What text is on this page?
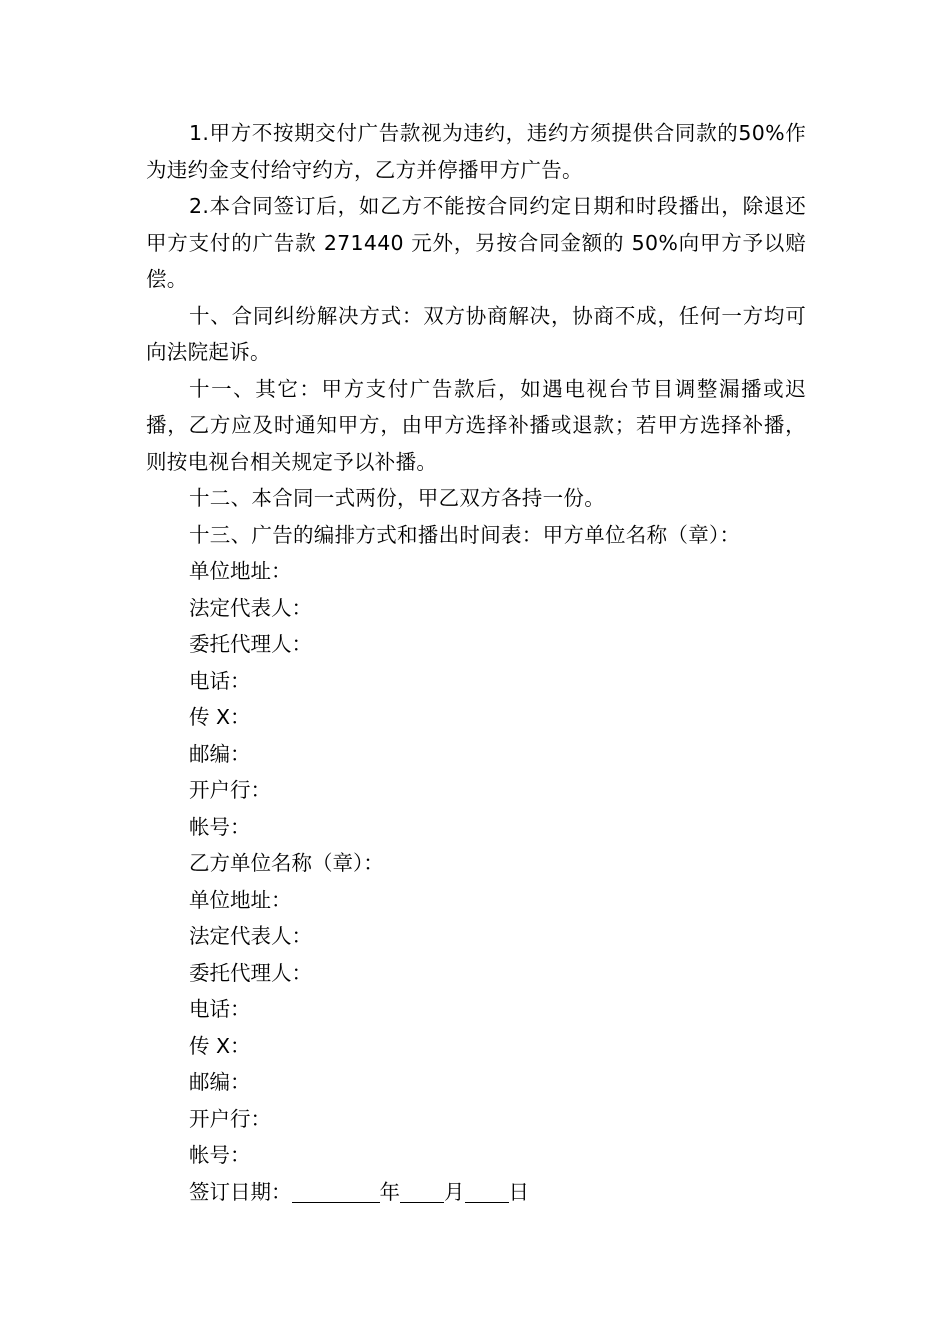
1.甲方不按期交付广告款视为违约，违约方须提供合同款的50%作为违约金支付给守约方，乙方并停播甲方广告。

2.本合同签订后，如乙方不能按合同约定日期和时段播出，除退还甲方支付的广告款 271440 元外，另按合同金额的 50%向甲方予以赔偿。

十、合同纠纷解决方式：双方协商解决，协商不成，任何一方均可向法院起诉。

十一、其它：甲方支付广告款后，如遇电视台节目调整漏播或迟播，乙方应及时通知甲方，由甲方选择补播或退款；若甲方选择补播，则按电视台相关规定予以补播。

十二、本合同一式两份，甲乙双方各持一份。

十三、广告的编排方式和播出时间表：甲方单位名称（章）：

单位地址：

法定代表人：

委托代理人：

电话：

传 X：

邮编：

开户行：

帐号：

乙方单位名称（章）：

单位地址：

法定代表人：

委托代理人：

电话：

传 X：

邮编：

开户行：

帐号：

签订日期：	年 月 日
